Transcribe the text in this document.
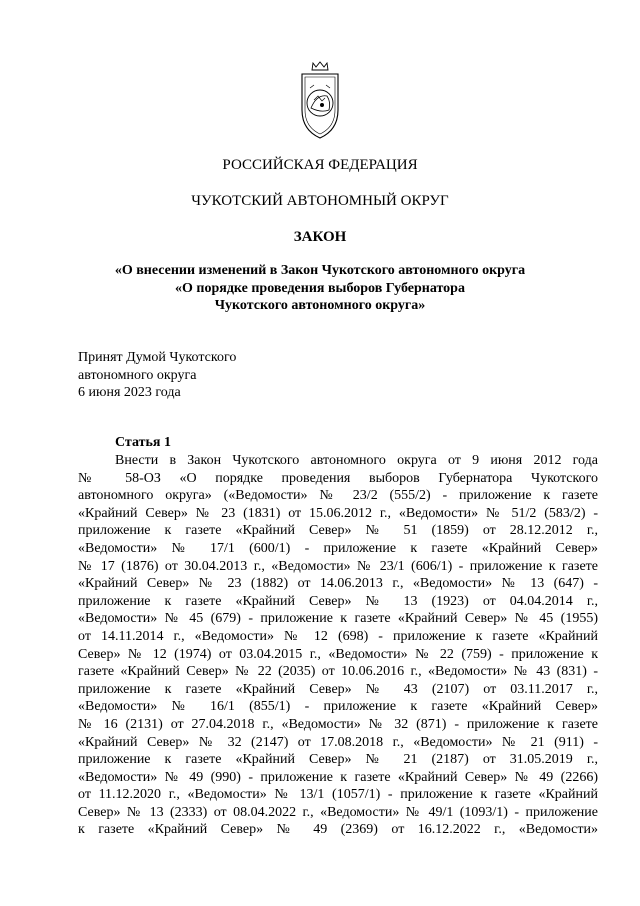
РОССИЙСКАЯ ФЕДЕРАЦИЯ
ЧУКОТСКИЙ АВТОНОМНЫЙ ОКРУГ
ЗАКОН
«О внесении изменений в Закон Чукотского автономного округа
«О порядке проведения выборов Губернатора
Чукотского автономного округа»
Принят Думой Чукотского
автономного округа
6 июня 2023 года
Статья 1
Внести в Закон Чукотского автономного округа от 9 июня 2012 года
№ 58-ОЗ «О порядке проведения выборов Губернатора Чукотского
автономного округа» («Ведомости» № 23/2 (555/2) - приложение к газете
«Крайний Север» № 23 (1831) от 15.06.2012 г., «Ведомости» № 51/2 (583/2) -
приложение к газете «Крайний Север» № 51 (1859) от 28.12.2012 г.,
«Ведомости» № 17/1 (600/1) - приложение к газете «Крайний Север»
№ 17 (1876) от 30.04.2013 г., «Ведомости» № 23/1 (606/1) - приложение к газете
«Крайний Север» № 23 (1882) от 14.06.2013 г., «Ведомости» № 13 (647) -
приложение к газете «Крайний Север» № 13 (1923) от 04.04.2014 г.,
«Ведомости» № 45 (679) - приложение к газете «Крайний Север» № 45 (1955)
от 14.11.2014 г., «Ведомости» № 12 (698) - приложение к газете «Крайний
Север» № 12 (1974) от 03.04.2015 г., «Ведомости» № 22 (759) - приложение к
газете «Крайний Север» № 22 (2035) от 10.06.2016 г., «Ведомости» № 43 (831) -
приложение к газете «Крайний Север» № 43 (2107) от 03.11.2017 г.,
«Ведомости» № 16/1 (855/1) - приложение к газете «Крайний Север»
№ 16 (2131) от 27.04.2018 г., «Ведомости» № 32 (871) - приложение к газете
«Крайний Север» № 32 (2147) от 17.08.2018 г., «Ведомости» № 21 (911) -
приложение к газете «Крайний Север» № 21 (2187) от 31.05.2019 г.,
«Ведомости» № 49 (990) - приложение к газете «Крайний Север» № 49 (2266)
от 11.12.2020 г., «Ведомости» № 13/1 (1057/1) - приложение к газете «Крайний
Север» № 13 (2333) от 08.04.2022 г., «Ведомости» № 49/1 (1093/1) - приложение
к газете «Крайний Север» № 49 (2369) от 16.12.2022 г., «Ведомости»
